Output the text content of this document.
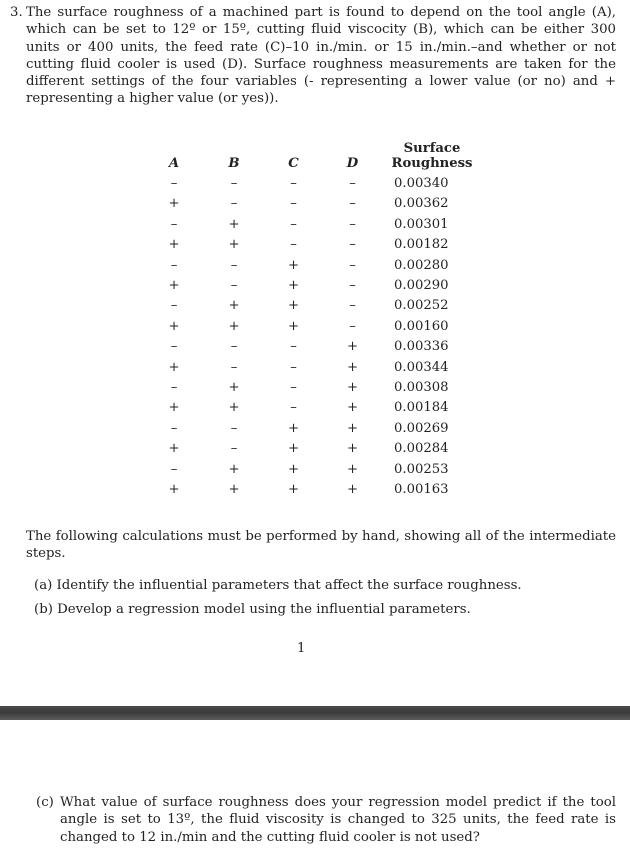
3. The surface roughness of a machined part is found to depend on the tool angle (A), which can be set to 12º or 15º, cutting fluid viscocity (B), which can be either 300 units or 400 units, the feed rate (C)–10 in./min. or 15 in./min.–and whether or not cutting fluid cooler is used (D). Surface roughness measurements are taken for the different settings of the four variables (- representing a lower value (or no) and + representing a higher value (or yes)).
A	B	C	D	Surface Roughness
–	–	–	–	0.00340
+	–	–	–	0.00362
–	+	–	–	0.00301
+	+	–	–	0.00182
–	–	+	–	0.00280
+	–	+	–	0.00290
–	+	+	–	0.00252
+	+	+	–	0.00160
–	–	–	+	0.00336
+	–	–	+	0.00344
–	+	–	+	0.00308
+	+	–	+	0.00184
–	–	+	+	0.00269
+	–	+	+	0.00284
–	+	+	+	0.00253
+	+	+	+	0.00163
The following calculations must be performed by hand, showing all of the intermediate steps.
(a) Identify the influential parameters that affect the surface roughness.
(b) Develop a regression model using the influential parameters.
1
(c) What value of surface roughness does your regression model predict if the tool angle is set to 13º, the fluid viscosity is changed to 325 units, the feed rate is changed to 12 in./min and the cutting fluid cooler is not used?
